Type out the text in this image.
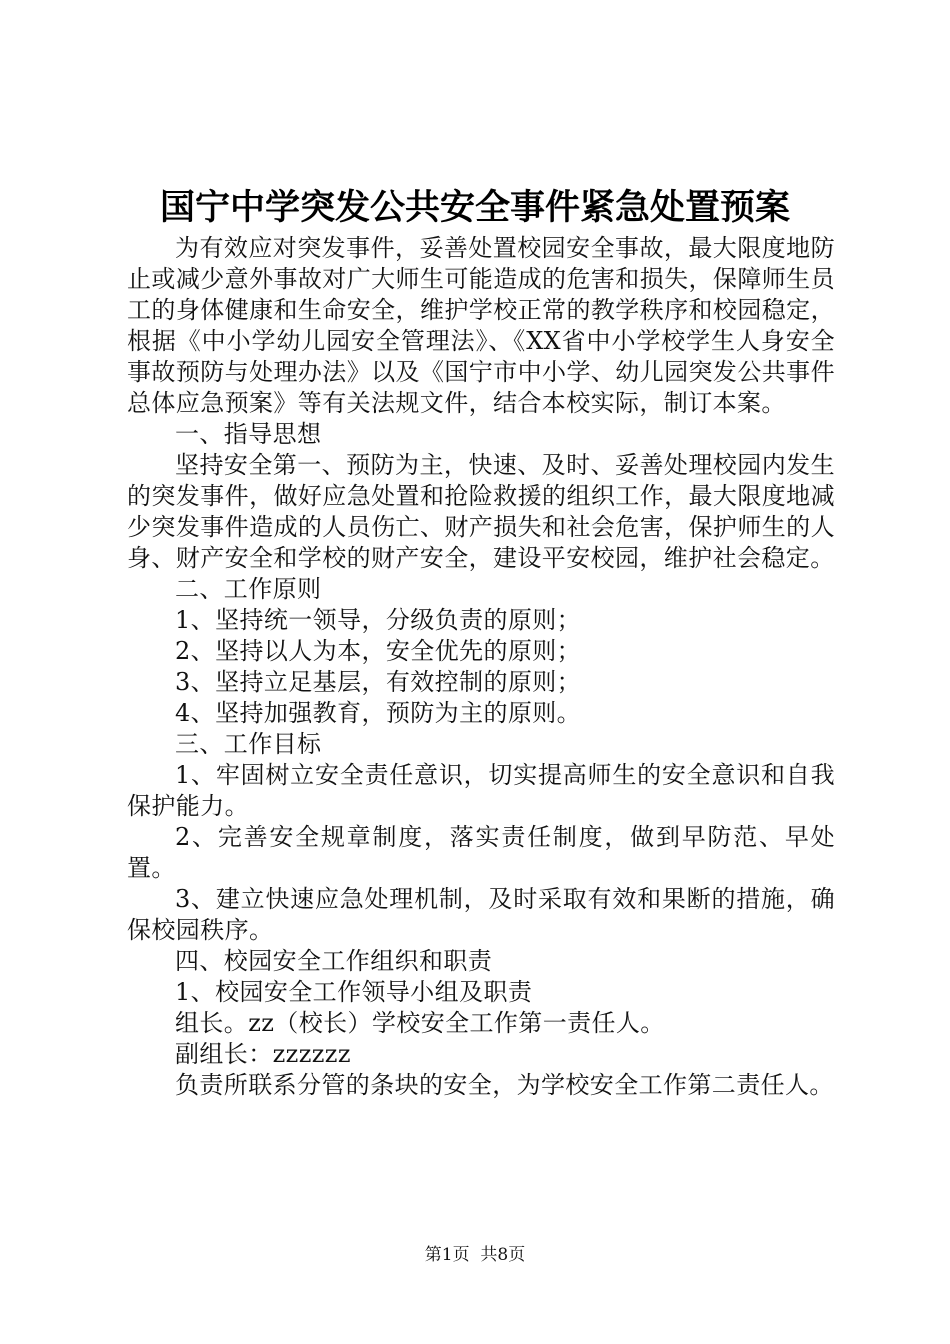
国宁中学突发公共安全事件紧急处置预案

为有效应对突发事件，妥善处置校园安全事故，最大限度地防止或减少意外事故对广大师生可能造成的危害和损失，保障师生员工的身体健康和生命安全，维护学校正常的教学秩序和校园稳定，根据《中小学幼儿园安全管理法》、《XX省中小学校学生人身安全事故预防与处理办法》以及《国宁市中小学、幼儿园突发公共事件总体应急预案》等有关法规文件，结合本校实际，制订本案。

一、指导思想

坚持安全第一、预防为主，快速、及时、妥善处理校园内发生的突发事件，做好应急处置和抢险救援的组织工作，最大限度地减少突发事件造成的人员伤亡、财产损失和社会危害，保护师生的人身、财产安全和学校的财产安全，建设平安校园，维护社会稳定。

二、工作原则

1、坚持统一领导，分级负责的原则；

2、坚持以人为本，安全优先的原则；

3、坚持立足基层，有效控制的原则；

4、坚持加强教育，预防为主的原则。

三、工作目标

1、牢固树立安全责任意识，切实提高师生的安全意识和自我保护能力。

2、完善安全规章制度，落实责任制度，做到早防范、早处置。

3、建立快速应急处理机制，及时采取有效和果断的措施，确保校园秩序。

四、校园安全工作组织和职责

1、校园安全工作领导小组及职责

组长。zz（校长）学校安全工作第一责任人。

副组长：zzzzzz

负责所联系分管的条块的安全，为学校安全工作第二责任人。

第1页 共8页
